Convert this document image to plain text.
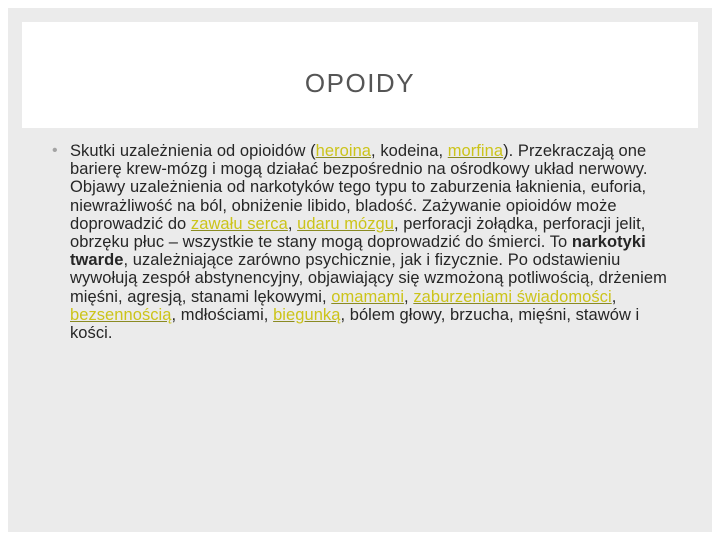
OPOIDY
• Skutki uzależnienia od opioidów (heroina, kodeina, morfina). Przekraczają one barierę krew-mózg i mogą działać bezpośrednio na ośrodkowy układ nerwowy. Objawy uzależnienia od narkotyków tego typu to zaburzenia łaknienia, euforia, niewrażliwość na ból, obniżenie libido, bladość. Zażywanie opioidów może doprowadzić do zawału serca, udaru mózgu, perforacji żołądka, perforacji jelit, obrzęku płuc – wszystkie te stany mogą doprowadzić do śmierci. To narkotyki twarde, uzależniające zarówno psychicznie, jak i fizycznie. Po odstawieniu wywołują zespół abstynencyjny, objawiający się wzmożoną potliwością, drżeniem mięśni, agresją, stanami lękowymi, omamami, zaburzeniami świadomości, bezsennością, mdłościami, biegunką, bólem głowy, brzucha, mięśni, stawów i kości.
